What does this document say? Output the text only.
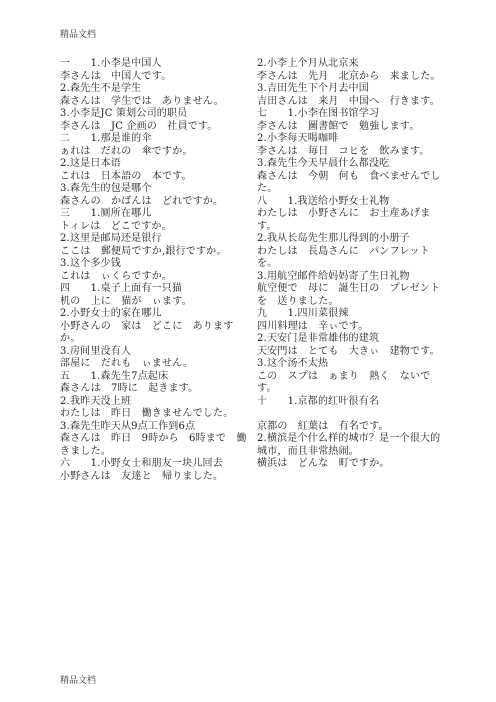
精品文档
一　　1.小李是中国人
李さんは　中国人です。
2.森先生不是学生
森さんは　学生では　ありません。
3.小李是JC 策划公司的职员
李さんは　JC 企画の　社員です。
二　　1.那是谁的伞
ぁれは　だれの　傘ですか。
2.这是日本语
これは　日本語の　本です。
3.森先生的包是哪个
森さんの　かばんは　どれですか。
三　　1.厕所在哪儿
トィレは　どこですか。
2.这里是邮局还是银行
ここは　郵便局ですか,銀行ですか。
3.这个多少钱
これは　ぃくらですか。
四　　1.桌子上面有一只猫
机の　上に　猫が　ぃます。
2.小野女士的家在哪儿
小野さんの　家は　どこに　ありますか。
3.房间里没有人
部屋に　だれも　ぃません。
五　　1.森先生7点起床
森さんは　7時に　起きます。
2.我昨天没上班
わたしは　昨日　働きませんでした。
3.森先生昨天从9点工作到6点
森さんは　昨日　9時から　6時まで　働きました。
六　　1.小野女士和朋友一块儿回去
小野さんは　友達と　帰りました。
2.小李上个月从北京来
李さんは　先月　北京から　来ました。
3.吉田先生下个月去中国
吉田さんは　来月　中国へ　行きます。
七　　1.小李在图书馆学习
李さんは　圖書館で　勉強します。
2.小李每天喝咖啡
李さんは　毎日　コヒを　飲みます。
3.森先生今天早晨什么都没吃
森さんは　今朝　何も　食べませんでした。
八　　1.我送给小野女士礼物
わたしは　小野さんに　お土産あげます。
2.我从长岛先生那儿得到的小册子
わたしは　長島さんに　パンフレットを。
3.用航空邮件给妈妈寄了生日礼物
航空便で　母に　誕生日の　プレゼントを　送りました。
九　　1.四川菜很辣
四川料理は　辛ぃです。
2.天安门是非常雄伟的建筑
天安門は　とても　大きぃ　建物です。
3.这个汤不太热
この　スプは　ぁまり　熱く　ないです。
十　　1.京都的红叶很有名
京都の　紅葉は　有名です。
2.横滨是个什么样的城市？是一个很大的城市，而且非常热闹。
横浜は　どんな　町ですか。
精品文档
